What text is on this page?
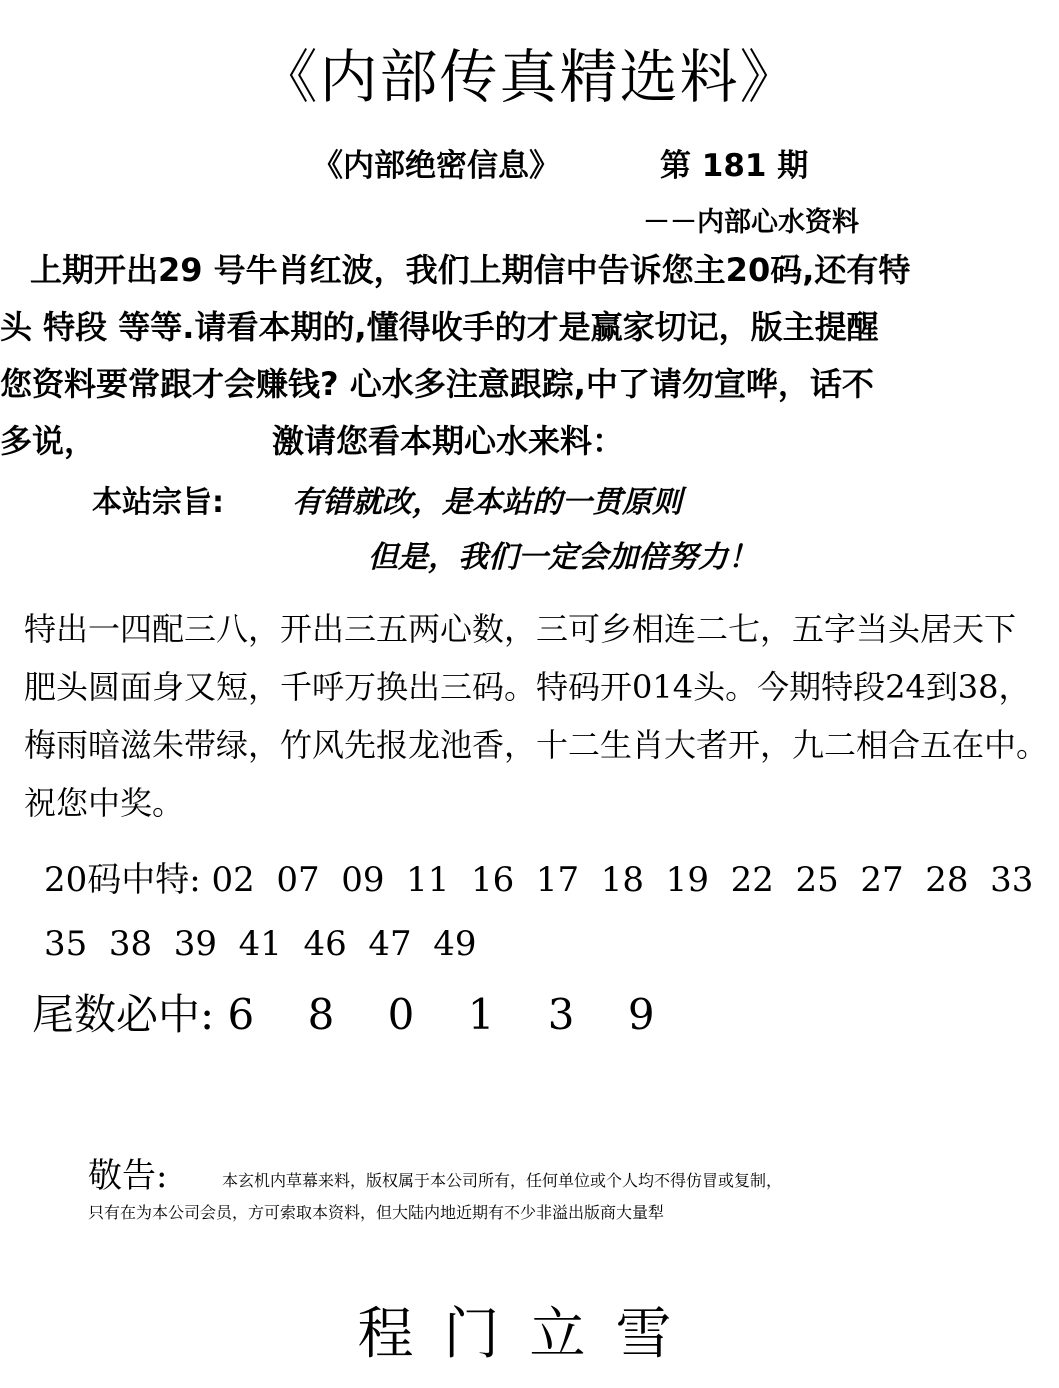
《内部传真精选料》
《内部绝密信息》	第 181 期
－－内部心水资料
上期开出29 号牛肖红波，我们上期信中告诉您主20码,还有特
头 特段 等等.请看本期的,懂得收手的才是赢家切记，版主提醒
您资料要常跟才会赚钱? 心水多注意跟踪,中了请勿宣哗，话不
多说，　　　　　　激请您看本期心水来料：
本站宗旨: 有错就改，是本站的一贯原则
但是，我们一定会加倍努力！
特出一四配三八，开出三五两心数，三可乡相连二七，五字当头居天下
肥头圆面身又短，千呼万换出三码。特码开014头。今期特段24到38，
梅雨暗滋朱带绿，竹风先报龙池香，十二生肖大者开，九二相合五在中。
祝您中奖。
20码中特: 02  07  09  11  16  17  18  19  22  25  27  28  33
35  38  39  41  46  47  49
尾数必中: 6 8 0 1 3 9
敬告:	本玄机内草幕来料，版权属于本公司所有，任何单位或个人均不得仿冒或复制，
只有在为本公司会员，方可索取本资料，但大陆内地近期有不少非溢出版商大量犁
程门立雪
